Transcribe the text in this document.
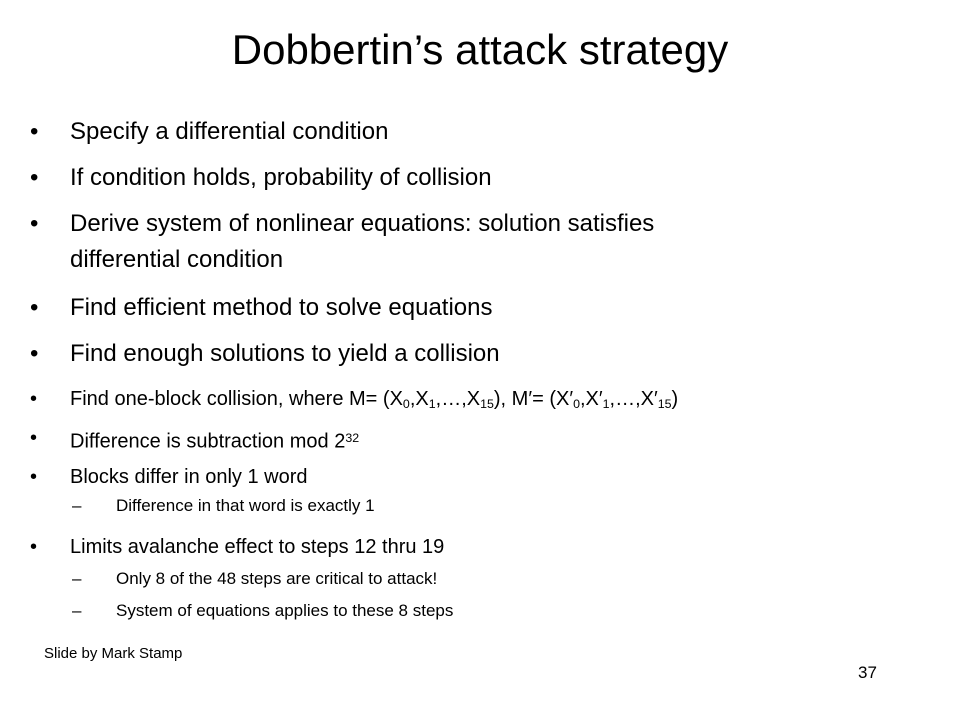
Dobbertin’s attack strategy
• Specify a differential condition
• If condition holds, probability of collision
• Derive system of nonlinear equations: solution satisfies
differential condition
• Find efficient method to solve equations
• Find enough solutions to yield a collision
• Find one-block collision, where $M= (X_0,X_1,\dots,X_{15})$, $M'= (X'_0,X'_1,\dots,X'_{15})$
• Difference is subtraction mod $2^{32}$
• Blocks differ in only 1 word
– Difference in that word is exactly 1
• Limits avalanche effect to steps 12 thru 19
– Only 8 of the 48 steps are critical to attack!
– System of equations applies to these 8 steps
Slide by Mark Stamp
37
